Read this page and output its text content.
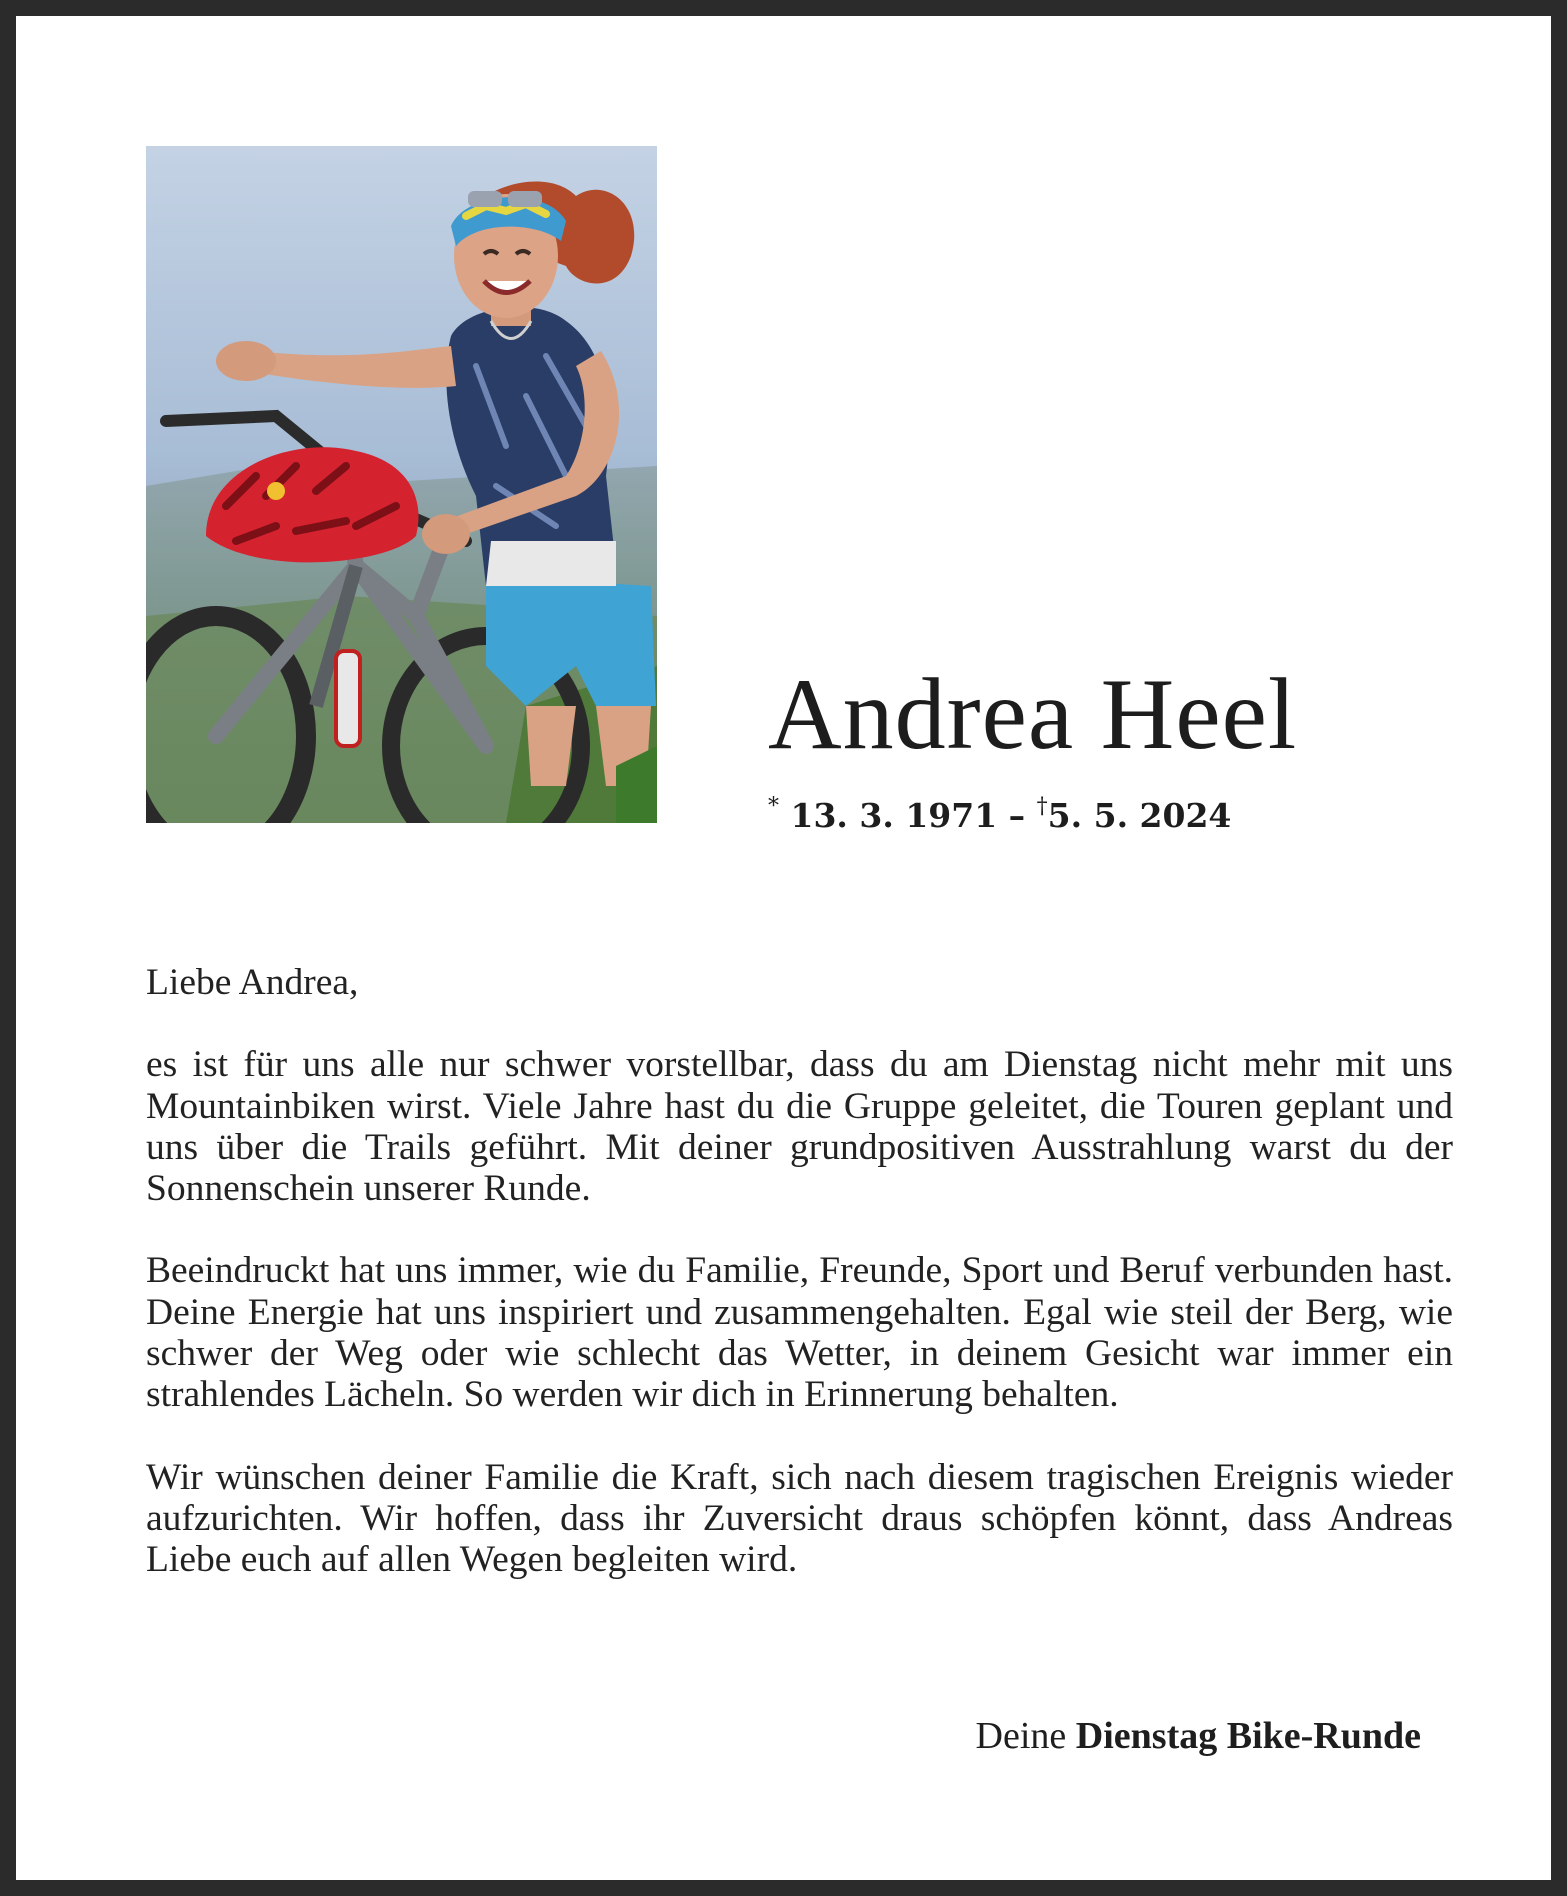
Andrea Heel
* 13. 3. 1971 – †5. 5. 2024

Liebe Andrea,

es ist für uns alle nur schwer vorstellbar, dass du am Dienstag nicht mehr mit uns Mountainbiken wirst. Viele Jahre hast du die Gruppe geleitet, die Touren geplant und uns über die Trails geführt. Mit deiner grundpositiven Ausstrahlung warst du der Sonnenschein unserer Runde.

Beeindruckt hat uns immer, wie du Familie, Freunde, Sport und Beruf verbunden hast. Deine Energie hat uns inspiriert und zusammengehalten. Egal wie steil der Berg, wie schwer der Weg oder wie schlecht das Wetter, in deinem Gesicht war immer ein strahlendes Lächeln. So werden wir dich in Erinnerung behalten.

Wir wünschen deiner Familie die Kraft, sich nach diesem tragischen Ereignis wieder aufzurichten. Wir hoffen, dass ihr Zuversicht draus schöpfen könnt, dass Andreas Liebe euch auf allen Wegen begleiten wird.

Deine Dienstag Bike-Runde
